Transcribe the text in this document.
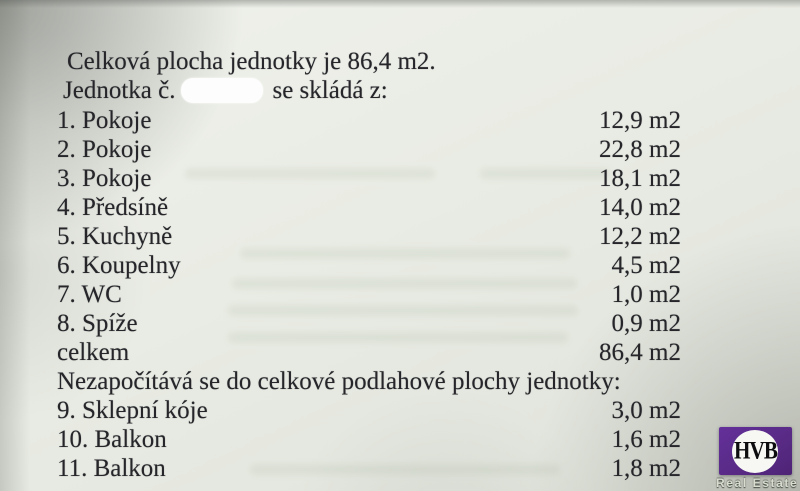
Celková plocha jednotky je 86,4 m2.
Jednotka č.	se skládá z:
1. Pokoje	12,9 m2
2. Pokoje	22,8 m2
3. Pokoje	18,1 m2
4. Předsíně	14,0 m2
5. Kuchyně	12,2 m2
6. Koupelny	4,5 m2
7. WC	1,0 m2
8. Spíže	0,9 m2
celkem	86,4 m2
Nezapočítává se do celkové podlahové plochy jednotky:
9. Sklepní kóje	3,0 m2
10. Balkon	1,6 m2
11. Balkon	1,8 m2
HVB
Real Estate
